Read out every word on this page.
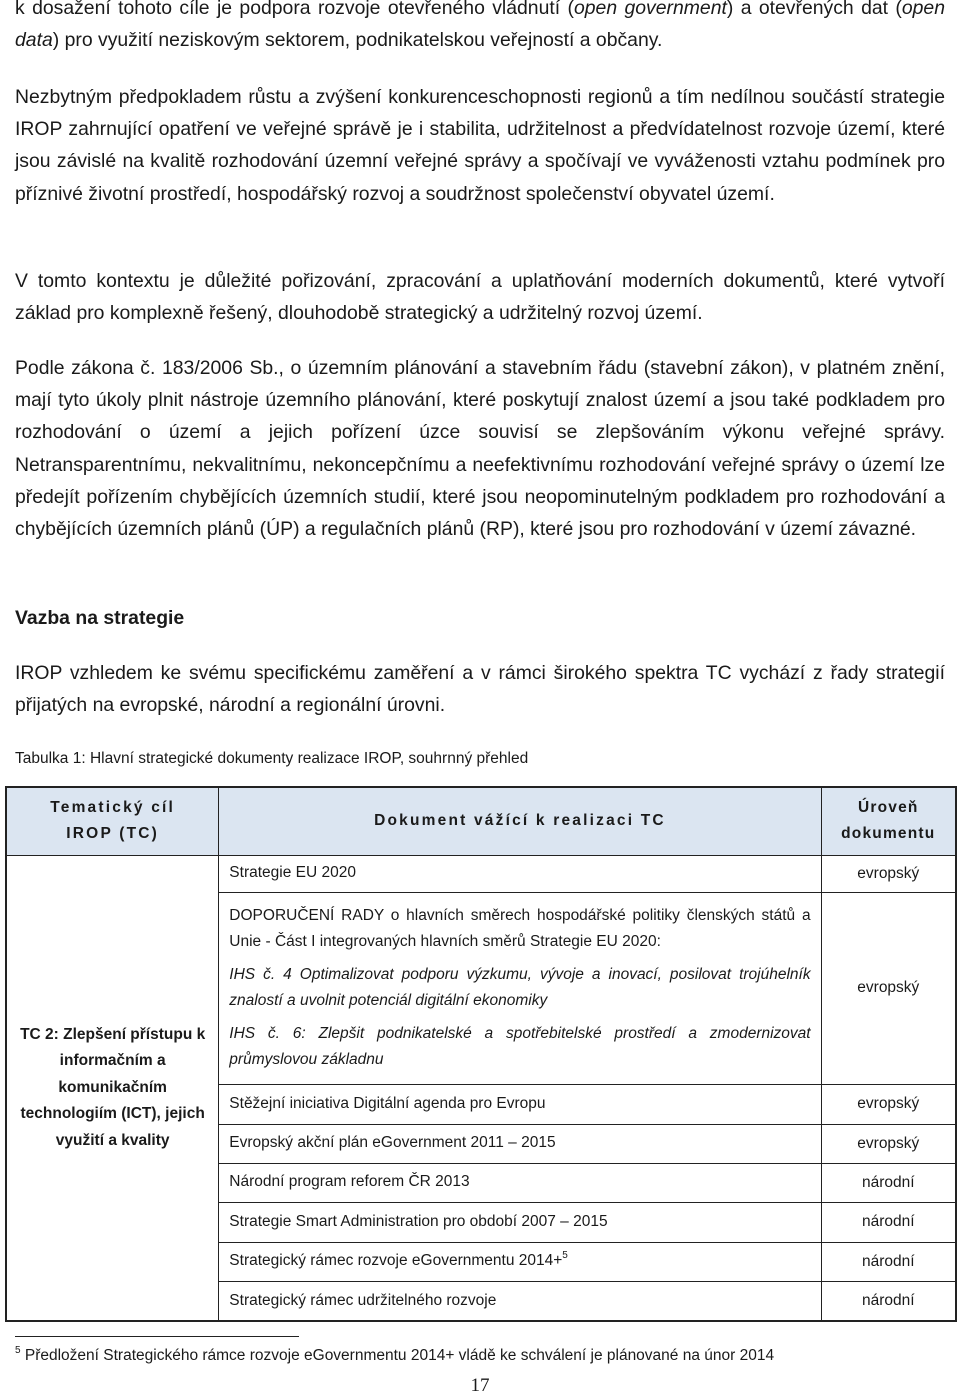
k dosažení tohoto cíle je podpora rozvoje otevřeného vládnutí (open government) a otevřených dat (open data) pro využití neziskovým sektorem, podnikatelskou veřejností a občany.

Nezbytným předpokladem růstu a zvýšení konkurenceschopnosti regionů a tím nedílnou součástí strategie IROP zahrnující opatření ve veřejné správě je i stabilita, udržitelnost a předvídatelnost rozvoje území, které jsou závislé na kvalitě rozhodování územní veřejné správy a spočívají ve vyváženosti vztahu podmínek pro příznivé životní prostředí, hospodářský rozvoj a soudržnost společenství obyvatel území.

V tomto kontextu je důležité pořizování, zpracování a uplatňování moderních dokumentů, které vytvoří základ pro komplexně řešený, dlouhodobě strategický a udržitelný rozvoj území.

Podle zákona č. 183/2006 Sb., o územním plánování a stavebním řádu (stavební zákon), v platném znění, mají tyto úkoly plnit nástroje územního plánování, které poskytují znalost území a jsou také podkladem pro rozhodování o území a jejich pořízení úzce souvisí se zlepšováním výkonu veřejné správy. Netransparentnímu, nekvalitnímu, nekoncepčnímu a neefektivnímu rozhodování veřejné správy o území lze předejít pořízením chybějících územních studií, které jsou neopominutelným podkladem pro rozhodování a chybějících územních plánů (ÚP) a regulačních plánů (RP), které jsou pro rozhodování v území závazné.

Vazba na strategie

IROP vzhledem ke svému specifickému zaměření a v rámci širokého spektra TC vychází z řady strategií přijatých na evropské, národní a regionální úrovni.

Tabulka 1: Hlavní strategické dokumenty realizace IROP, souhrnný přehled
Tematický cíl IROP (TC)	Dokument vážící k realizaci TC	Úroveň dokumentu

TC 2: Zlepšení přístupu k informačním a komunikačním technologiím (ICT), jejich využití a kvality	Strategie EU 2020	evropský

	DOPORUČENÍ RADY o hlavních směrech hospodářské politiky členských států a Unie - Část I integrovaných hlavních směrů Strategie EU 2020:
IHS č. 4 Optimalizovat podporu výzkumu, vývoje a inovací, posilovat trojúhelník znalostí a uvolnit potenciál digitální ekonomiky
IHS č. 6: Zlepšit podnikatelské a spotřebitelské prostředí a zmodernizovat průmyslovou základnu	evropský
	Stěžejní iniciativa Digitální agenda pro Evropu	evropský
	Evropský akční plán eGovernment 2011 – 2015	evropský
	Národní program reforem ČR 2013	národní
	Strategie Smart Administration pro období 2007 – 2015	národní
	Strategický rámec rozvoje eGovernmentu 2014+$^5$	národní
	Strategický rámec udržitelného rozvoje	národní
$^5$ Předložení Strategického rámce rozvoje eGovernmentu 2014+ vládě ke schválení je plánované na únor 2014
17
